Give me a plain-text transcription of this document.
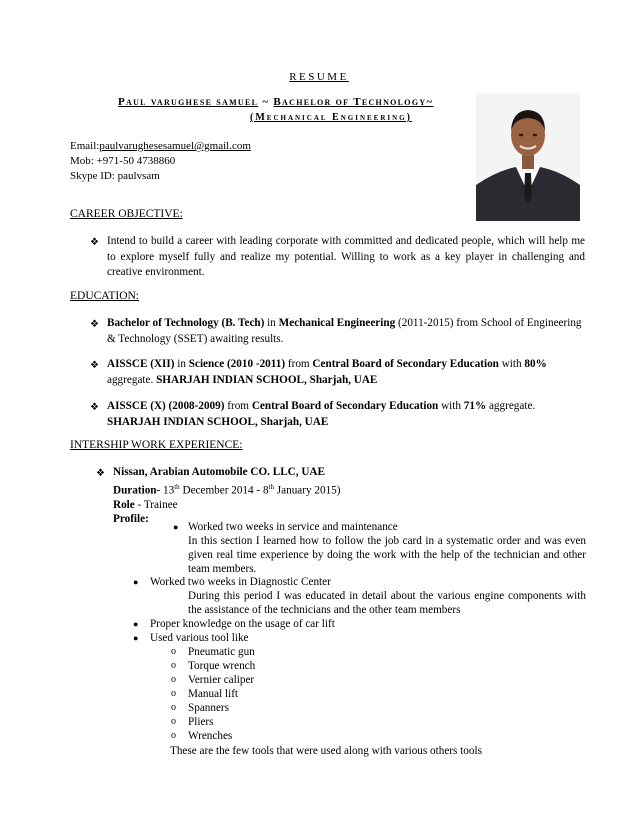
RESUME
Paul varughese samuel ~ Bachelor of Technology~
(Mechanical Engineering)
Email:paulvarughesesamuel@gmail.com
Mob: +971-50 4738860
Skype ID: paulvsam
CAREER OBJECTIVE:
❖ Intend to build a career with leading corporate with committed and dedicated people, which will help me to explore myself fully and realize my potential. Willing to work as a key player in challenging and creative environment.
EDUCATION:
❖ Bachelor of Technology (B. Tech) in Mechanical Engineering (2011-2015) from School of Engineering & Technology (SSET) awaiting results.
❖ AISSCE (XII) in Science (2010 -2011) from Central Board of Secondary Education with 80% aggregate. SHARJAH INDIAN SCHOOL, Sharjah, UAE
❖ AISSCE (X) (2008-2009) from Central Board of Secondary Education with 71% aggregate.
SHARJAH INDIAN SCHOOL, Sharjah, UAE
INTERSHIP WORK EXPERIENCE:
❖ Nissan, Arabian Automobile CO. LLC, UAE
Duration- 13th December 2014 - 8th January 2015)
Role - Trainee
Profile:
● Worked two weeks in service and maintenance
In this section I learned how to follow the job card in a systematic order and was even given real time experience by doing the work with the help of the technician and other team members.
● Worked two weeks in Diagnostic Center
During this period I was educated in detail about the various engine components with the assistance of the technicians and the other team members
● Proper knowledge on the usage of car lift
● Used various tool like
o Pneumatic gun
o Torque wrench
o Vernier caliper
o Manual lift
o Spanners
o Pliers
o Wrenches
These are the few tools that were used along with various others tools
